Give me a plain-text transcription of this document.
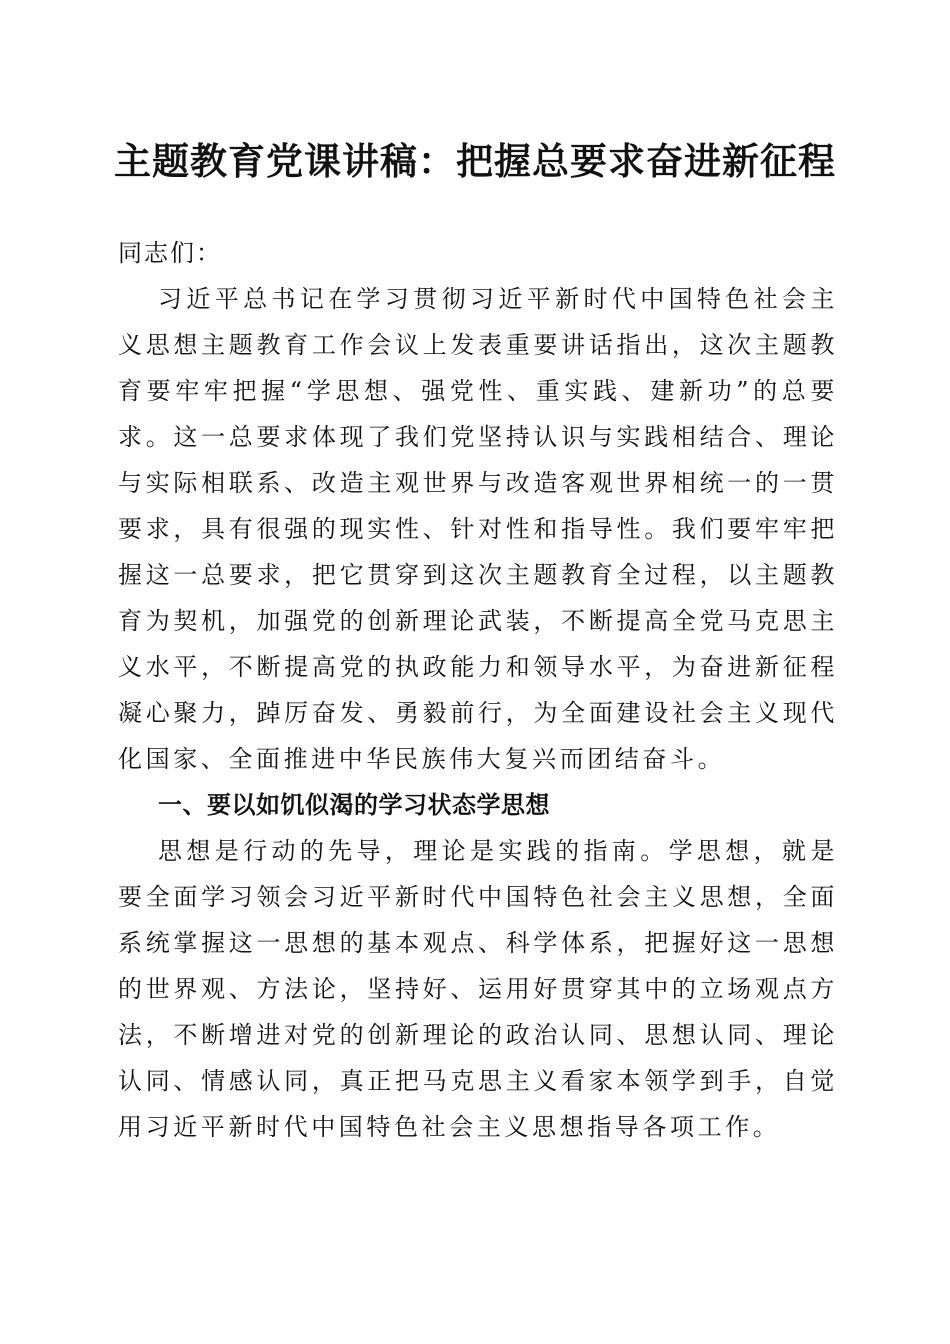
主题教育党课讲稿：把握总要求奋进新征程

同志们：

习近平总书记在学习贯彻习近平新时代中国特色社会主义思想主题教育工作会议上发表重要讲话指出，这次主题教育要牢牢把握“学思想、强党性、重实践、建新功”的总要求。这一总要求体现了我们党坚持认识与实践相结合、理论与实际相联系、改造主观世界与改造客观世界相统一的一贯要求，具有很强的现实性、针对性和指导性。我们要牢牢把握这一总要求，把它贯穿到这次主题教育全过程，以主题教育为契机，加强党的创新理论武装，不断提高全党马克思主义水平，不断提高党的执政能力和领导水平，为奋进新征程凝心聚力，踔厉奋发、勇毅前行，为全面建设社会主义现代化国家、全面推进中华民族伟大复兴而团结奋斗。

一、要以如饥似渴的学习状态学思想

思想是行动的先导，理论是实践的指南。学思想，就是要全面学习领会习近平新时代中国特色社会主义思想，全面系统掌握这一思想的基本观点、科学体系，把握好这一思想的世界观、方法论，坚持好、运用好贯穿其中的立场观点方法，不断增进对党的创新理论的政治认同、思想认同、理论认同、情感认同，真正把马克思主义看家本领学到手，自觉用习近平新时代中国特色社会主义思想指导各项工作。
